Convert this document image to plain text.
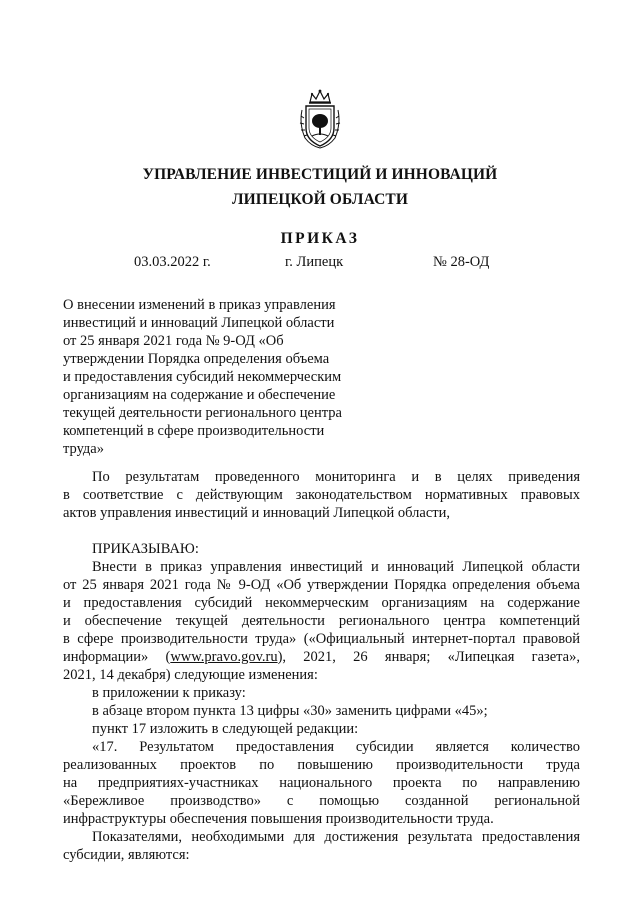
УПРАВЛЕНИЕ ИНВЕСТИЦИЙ И ИННОВАЦИЙ
ЛИПЕЦКОЙ ОБЛАСТИ
ПРИКАЗ
03.03.2022 г.	г. Липецк	№ 28-ОД
О внесении изменений в приказ управления
инвестиций и инноваций Липецкой области
от 25 января 2021 года № 9-ОД «Об
утверждении Порядка определения объема
и предоставления субсидий некоммерческим
организациям на содержание и обеспечение
текущей деятельности регионального центра
компетенций в сфере производительности
труда»
По результатам проведенного мониторинга и в целях приведения
в соответствие с действующим законодательством нормативных правовых
актов управления инвестиций и инноваций Липецкой области,
ПРИКАЗЫВАЮ:
Внести в приказ управления инвестиций и инноваций Липецкой области
от 25 января 2021 года № 9-ОД «Об утверждении Порядка определения объема
и предоставления субсидий некоммерческим организациям на содержание
и обеспечение текущей деятельности регионального центра компетенций
в сфере производительности труда» («Официальный интернет-портал правовой
информации» (www.pravo.gov.ru), 2021, 26 января; «Липецкая газета»,
2021, 14 декабря) следующие изменения:
в приложении к приказу:
в абзаце втором пункта 13 цифры «30» заменить цифрами «45»;
пункт 17 изложить в следующей редакции:
«17. Результатом предоставления субсидии является количество
реализованных проектов по повышению производительности труда
на предприятиях-участниках национального проекта по направлению
«Бережливое производство» с помощью созданной региональной
инфраструктуры обеспечения повышения производительности труда.
Показателями, необходимыми для достижения результата предоставления
субсидии, являются:
